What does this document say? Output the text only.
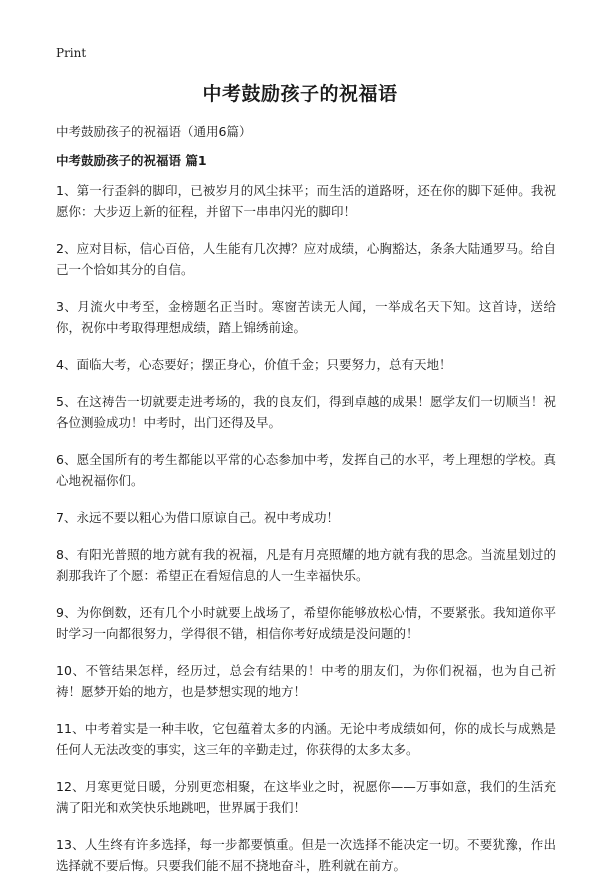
Print
中考鼓励孩子的祝福语
中考鼓励孩子的祝福语（通用6篇）
中考鼓励孩子的祝福语 篇1
1、第一行歪斜的脚印，已被岁月的风尘抹平；而生活的道路呀，还在你的脚下延伸。我祝愿你：大步迈上新的征程，并留下一串串闪光的脚印！
2、应对目标，信心百倍，人生能有几次搏？应对成绩，心胸豁达，条条大陆通罗马。给自己一个恰如其分的自信。
3、月流火中考至，金榜题名正当时。寒窗苦读无人闻，一举成名天下知。这首诗，送给你，祝你中考取得理想成绩，踏上锦绣前途。
4、面临大考，心态要好；摆正身心，价值千金；只要努力，总有天地！
5、在这祷告一切就要走进考场的，我的良友们，得到卓越的成果！愿学友们一切顺当！祝各位测验成功！中考时，出门还得及早。
6、愿全国所有的考生都能以平常的心态参加中考，发挥自己的水平，考上理想的学校。真心地祝福你们。
7、永远不要以粗心为借口原谅自己。祝中考成功！
8、有阳光普照的地方就有我的祝福，凡是有月亮照耀的地方就有我的思念。当流星划过的刹那我许了个愿：希望正在看短信息的人一生幸福快乐。
9、为你倒数，还有几个小时就要上战场了，希望你能够放松心情，不要紧张。我知道你平时学习一向都很努力，学得很不错，相信你考好成绩是没问题的！
10、不管结果怎样，经历过，总会有结果的！中考的朋友们，为你们祝福，也为自己祈祷！愿梦开始的地方，也是梦想实现的地方！
11、中考着实是一种丰收，它包蕴着太多的内涵。无论中考成绩如何，你的成长与成熟是任何人无法改变的事实，这三年的辛勤走过，你获得的太多太多。
12、月寒更觉日暖，分别更恋相聚，在这毕业之时，祝愿你——万事如意，我们的生活充满了阳光和欢笑快乐地跳吧，世界属于我们！
13、人生终有许多选择，每一步都要慎重。但是一次选择不能决定一切。不要犹豫，作出选择就不要后悔。只要我们能不屈不挠地奋斗，胜利就在前方。
